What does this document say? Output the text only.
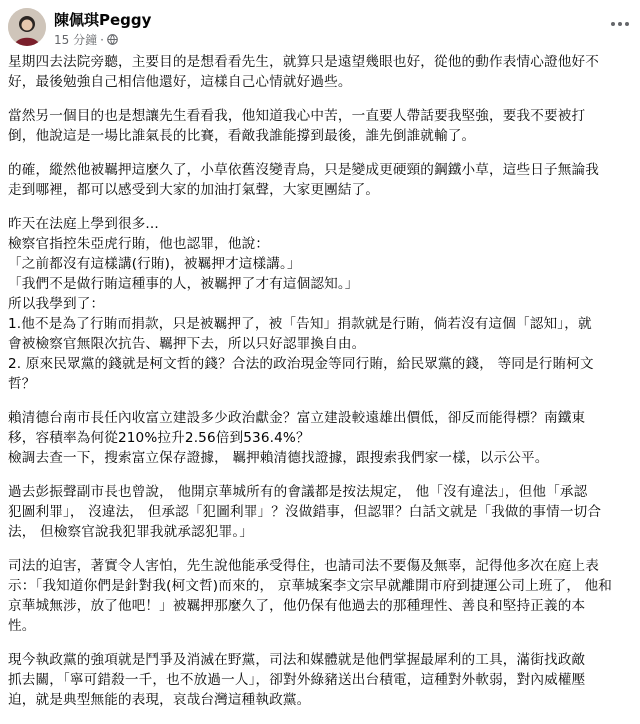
陳佩琪Peggy
15 分鐘 ·
星期四去法院旁聽，主要目的是想看看先生，就算只是遠望幾眼也好，從他的動作表情心證他好不
好，最後勉強自己相信他還好，這樣自己心情就好過些。
當然另一個目的也是想讓先生看看我，他知道我心中苦，一直要人帶話要我堅強，要我不要被打
倒，他說這是一場比誰氣長的比賽，看敵我誰能撐到最後，誰先倒誰就輸了。
的確，縱然他被羈押這麼久了，小草依舊沒變青鳥，只是變成更硬頸的鋼鐵小草，這些日子無論我
走到哪裡，都可以感受到大家的加油打氣聲，大家更團結了。
昨天在法庭上學到很多...
檢察官指控朱亞虎行賄，他也認罪，他說：
「之前都沒有這樣講(行賄)，被羈押才這樣講。」
「我們不是做行賄這種事的人，被羈押了才有這個認知。」
所以我學到了：
1.他不是為了行賄而捐款，只是被羈押了，被「告知」捐款就是行賄，倘若沒有這個「認知」，就
會被檢察官無限次抗告、羈押下去，所以只好認罪換自由。
2. 原來民眾黨的錢就是柯文哲的錢？合法的政治現金等同行賄，給民眾黨的錢， 等同是行賄柯文
哲？
賴清德台南市長任內收富立建設多少政治獻金？富立建設較遠雄出價低，卻反而能得標？南鐵東
移，容積率為何從210%拉升2.56倍到536.4%？
檢調去查一下，搜索富立保存證據， 羈押賴清德找證據，跟搜索我們家一樣，以示公平。
過去彭振聲副市長也曾說， 他開京華城所有的會議都是按法規定， 他「沒有違法」，但他「承認
犯圖利罪」， 沒違法， 但承認「犯圖利罪」？沒做錯事，但認罪？白話文就是「我做的事情一切合
法， 但檢察官說我犯罪我就承認犯罪。」
司法的迫害，著實令人害怕，先生說他能承受得住，也請司法不要傷及無辜，記得他多次在庭上表
示：「我知道你們是針對我(柯文哲)而來的， 京華城案李文宗早就離開市府到捷運公司上班了， 他和
京華城無涉，放了他吧！」被羈押那麼久了，他仍保有他過去的那種理性、善良和堅持正義的本
性。
現今執政黨的強項就是鬥爭及消滅在野黨，司法和媒體就是他們掌握最犀利的工具，滿街找政敵
抓去關，「寧可錯殺一千，也不放過一人」，卻對外綠豬送出台積電，這種對外軟弱，對內威權壓
迫，就是典型無能的表現，哀哉台灣這種執政黨。
